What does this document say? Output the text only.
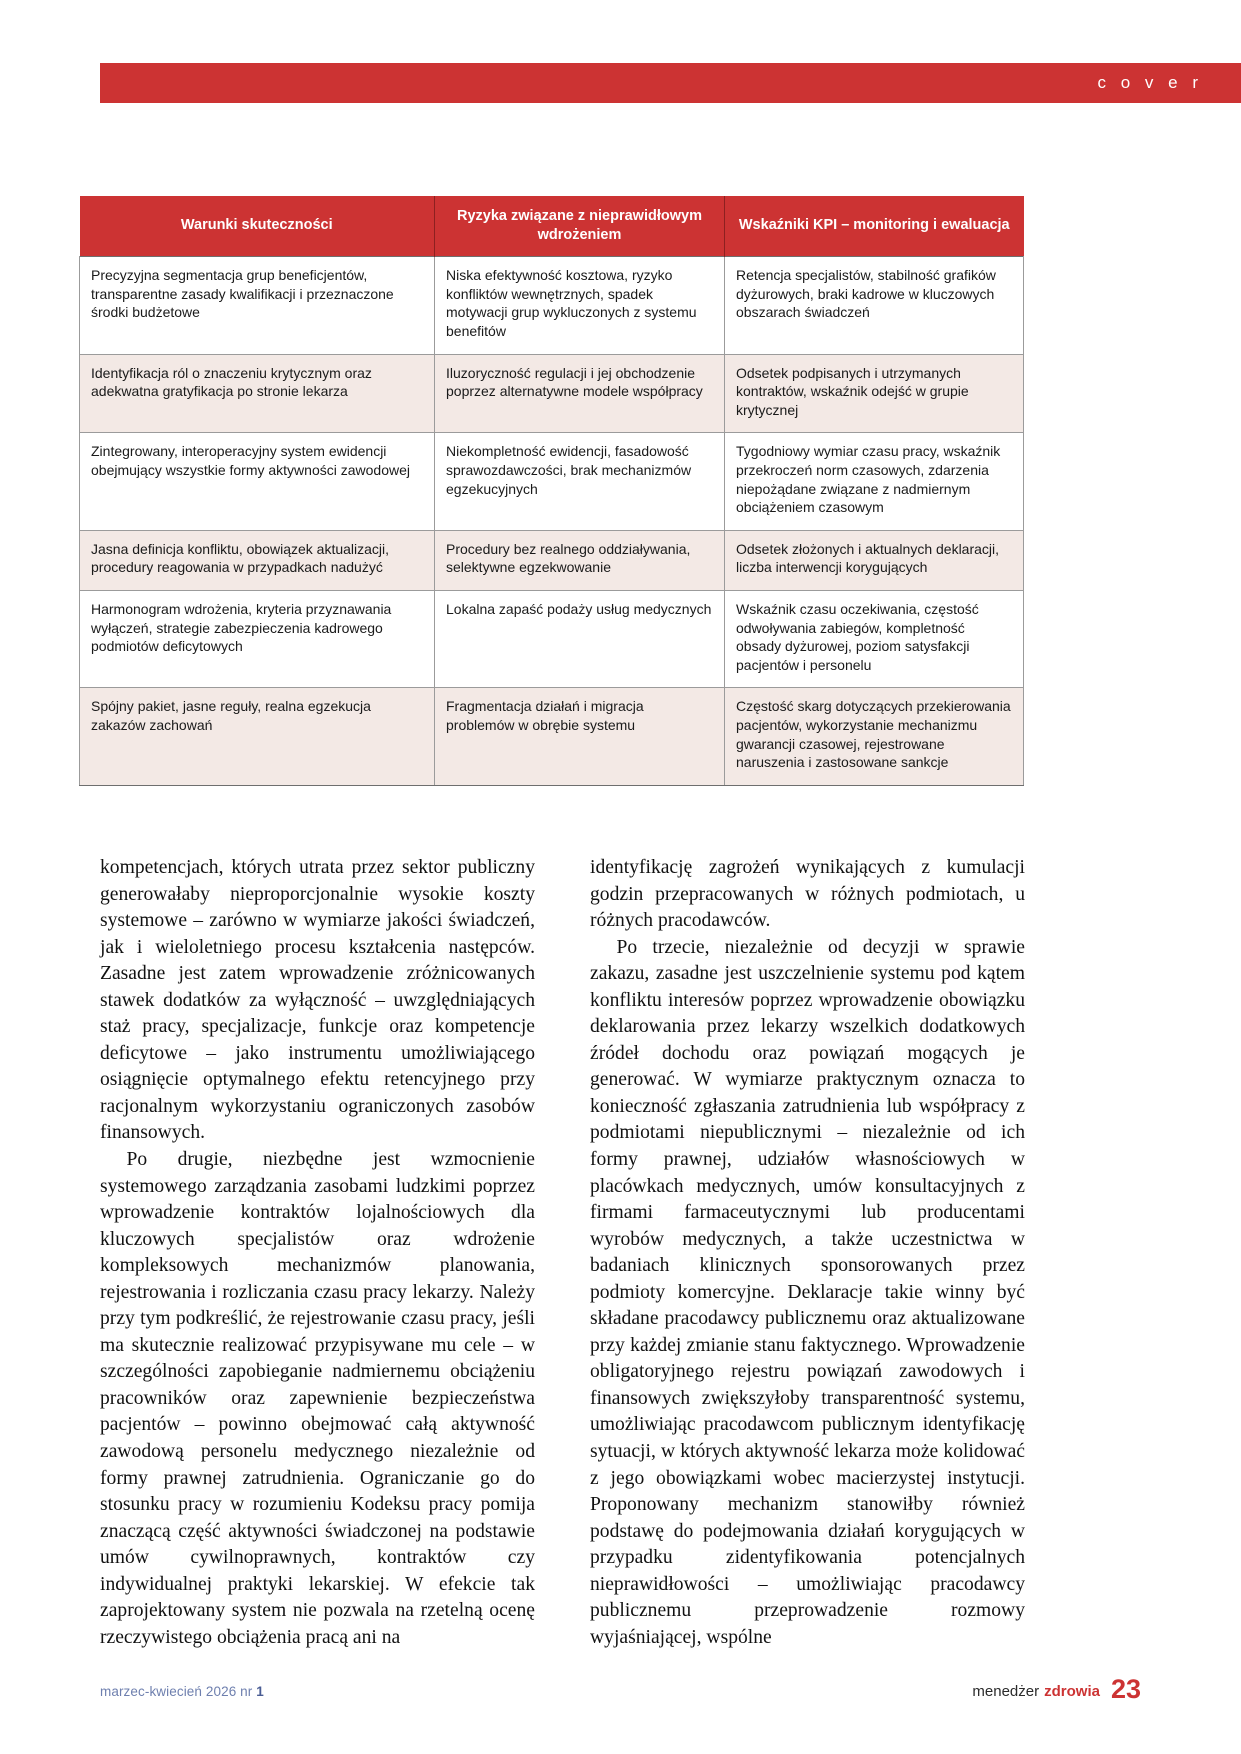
c o v e r
Warunki skuteczności	Ryzyka związane z nieprawidłowym wdrożeniem	Wskaźniki KPI – monitoring i ewaluacja
Precyzyjna segmentacja grup beneficjentów, transparentne zasady kwalifikacji i przeznaczone środki budżetowe	Niska efektywność kosztowa, ryzyko konfliktów wewnętrznych, spadek motywacji grup wykluczonych z systemu benefitów	Retencja specjalistów, stabilność grafików dyżurowych, braki kadrowe w kluczowych obszarach świadczeń
Identyfikacja ról o znaczeniu krytycznym oraz adekwatna gratyfikacja po stronie lekarza	Iluzoryczność regulacji i jej obchodzenie poprzez alternatywne modele współpracy	Odsetek podpisanych i utrzymanych kontraktów, wskaźnik odejść w grupie krytycznej
Zintegrowany, interoperacyjny system ewidencji obejmujący wszystkie formy aktywności zawodowej	Niekompletność ewidencji, fasadowość sprawozdawczości, brak mechanizmów egzekucyjnych	Tygodniowy wymiar czasu pracy, wskaźnik przekroczeń norm czasowych, zdarzenia niepożądane związane z nadmiernym obciążeniem czasowym
Jasna definicja konfliktu, obowiązek aktualizacji, procedury reagowania w przypadkach nadużyć	Procedury bez realnego oddziaływania, selektywne egzekwowanie	Odsetek złożonych i aktualnych deklaracji, liczba interwencji korygujących
Harmonogram wdrożenia, kryteria przyznawania wyłączeń, strategie zabezpieczenia kadrowego podmiotów deficytowych	Lokalna zapaść podaży usług medycznych	Wskaźnik czasu oczekiwania, częstość odwoływania zabiegów, kompletność obsady dyżurowej, poziom satysfakcji pacjentów i personelu
Spójny pakiet, jasne reguły, realna egzekucja zakazów zachowań	Fragmentacja działań i migracja problemów w obrębie systemu	Częstość skarg dotyczących przekierowania pacjentów, wykorzystanie mechanizmu gwarancji czasowej, rejestrowane naruszenia i zastosowane sankcje

kompetencjach, których utrata przez sektor publiczny generowałaby nieproporcjonalnie wysokie koszty systemowe – zarówno w wymiarze jakości świadczeń, jak i wieloletniego procesu kształcenia następców. Zasadne jest zatem wprowadzenie zróżnicowanych stawek dodatków za wyłączność – uwzględniających staż pracy, specjalizacje, funkcje oraz kompetencje deficytowe – jako instrumentu umożliwiającego osiągnięcie optymalnego efektu retencyjnego przy racjonalnym wykorzystaniu ograniczonych zasobów finansowych.

Po drugie, niezbędne jest wzmocnienie systemowego zarządzania zasobami ludzkimi poprzez wprowadzenie kontraktów lojalnościowych dla kluczowych specjalistów oraz wdrożenie kompleksowych mechanizmów planowania, rejestrowania i rozliczania czasu pracy lekarzy. Należy przy tym podkreślić, że rejestrowanie czasu pracy, jeśli ma skutecznie realizować przypisywane mu cele – w szczególności zapobieganie nadmiernemu obciążeniu pracowników oraz zapewnienie bezpieczeństwa pacjentów – powinno obejmować całą aktywność zawodową personelu medycznego niezależnie od formy prawnej zatrudnienia. Ograniczanie go do stosunku pracy w rozumieniu Kodeksu pracy pomija znaczącą część aktywności świadczonej na podstawie umów cywilnoprawnych, kontraktów czy indywidualnej praktyki lekarskiej. W efekcie tak zaprojektowany system nie pozwala na rzetelną ocenę rzeczywistego obciążenia pracą ani na

identyfikację zagrożeń wynikających z kumulacji godzin przepracowanych w różnych podmiotach, u różnych pracodawców.

Po trzecie, niezależnie od decyzji w sprawie zakazu, zasadne jest uszczelnienie systemu pod kątem konfliktu interesów poprzez wprowadzenie obowiązku deklarowania przez lekarzy wszelkich dodatkowych źródeł dochodu oraz powiązań mogących je generować. W wymiarze praktycznym oznacza to konieczność zgłaszania zatrudnienia lub współpracy z podmiotami niepublicznymi – niezależnie od ich formy prawnej, udziałów własnościowych w placówkach medycznych, umów konsultacyjnych z firmami farmaceutycznymi lub producentami wyrobów medycznych, a także uczestnictwa w badaniach klinicznych sponsorowanych przez podmioty komercyjne. Deklaracje takie winny być składane pracodawcy publicznemu oraz aktualizowane przy każdej zmianie stanu faktycznego. Wprowadzenie obligatoryjnego rejestru powiązań zawodowych i finansowych zwiększyłoby transparentność systemu, umożliwiając pracodawcom publicznym identyfikację sytuacji, w których aktywność lekarza może kolidować z jego obowiązkami wobec macierzystej instytucji. Proponowany mechanizm stanowiłby również podstawę do podejmowania działań korygujących w przypadku zidentyfikowania potencjalnych nieprawidłowości – umożliwiając pracodawcy publicznemu przeprowadzenie rozmowy wyjaśniającej, wspólne

marzec-kwiecień 2026 nr 1	menedżer zdrowia 23
